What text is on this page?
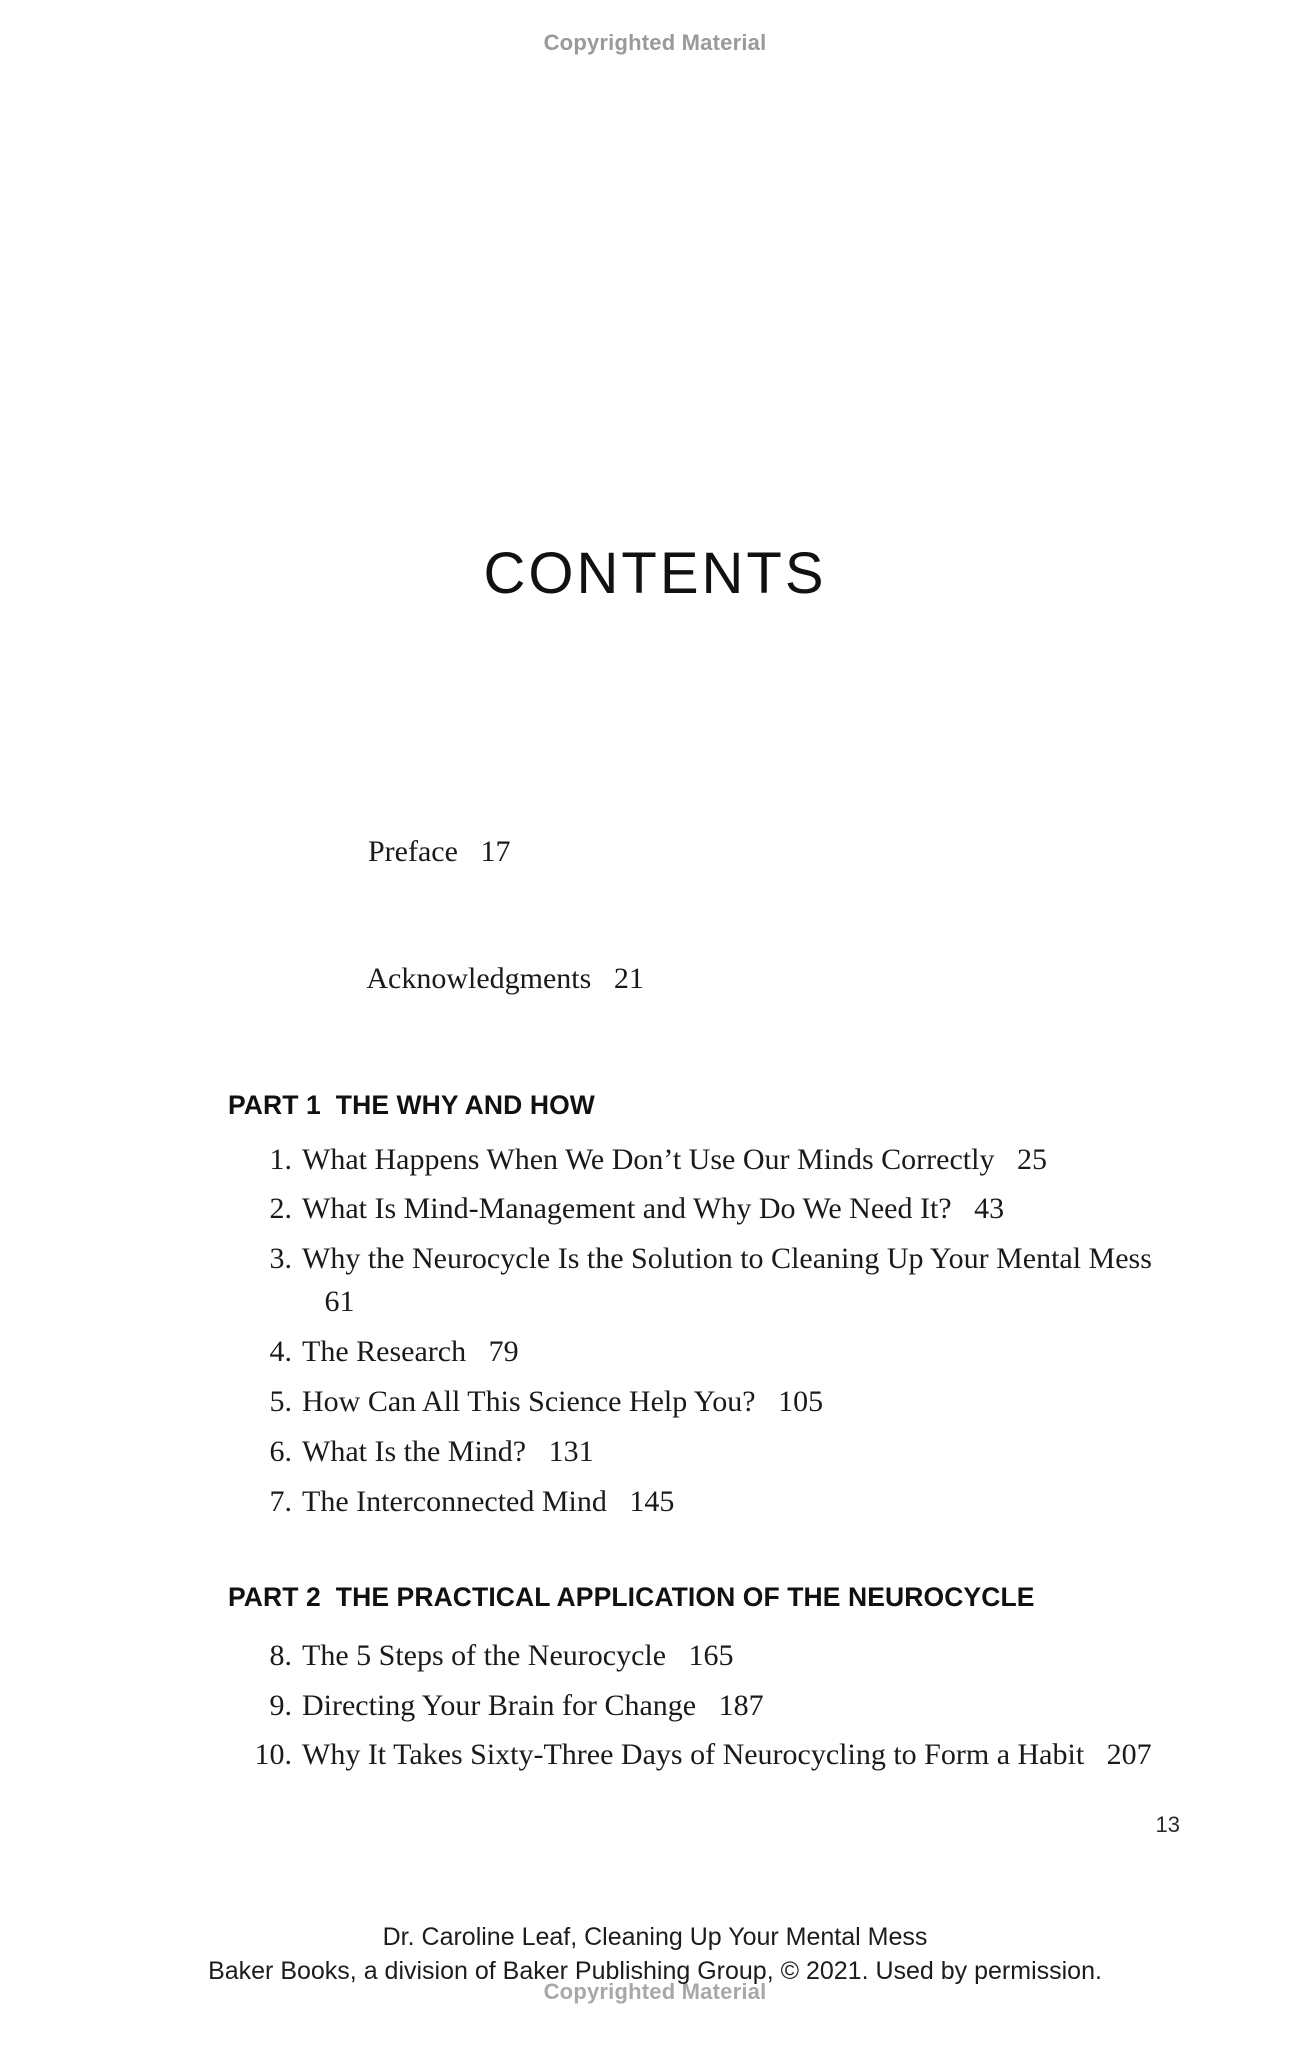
Copyrighted Material
CONTENTS

Preface 17

Acknowledgments 21

PART 1  THE WHY AND HOW
1. What Happens When We Don’t Use Our Minds Correctly 25
2. What Is Mind-Management and Why Do We Need It? 43
3. Why the Neurocycle Is the Solution to Cleaning Up Your Mental Mess   61
4. The Research 79
5. How Can All This Science Help You? 105
6. What Is the Mind? 131
7. The Interconnected Mind 145
PART 2  THE PRACTICAL APPLICATION OF THE NEUROCYCLE
8. The 5 Steps of the Neurocycle 165
9. Directing Your Brain for Change 187
10. Why It Takes Sixty-Three Days of Neurocycling to Form a Habit 207
13
Dr. Caroline Leaf, Cleaning Up Your Mental Mess
Baker Books, a division of Baker Publishing Group, © 2021. Used by permission.
Copyrighted Material
